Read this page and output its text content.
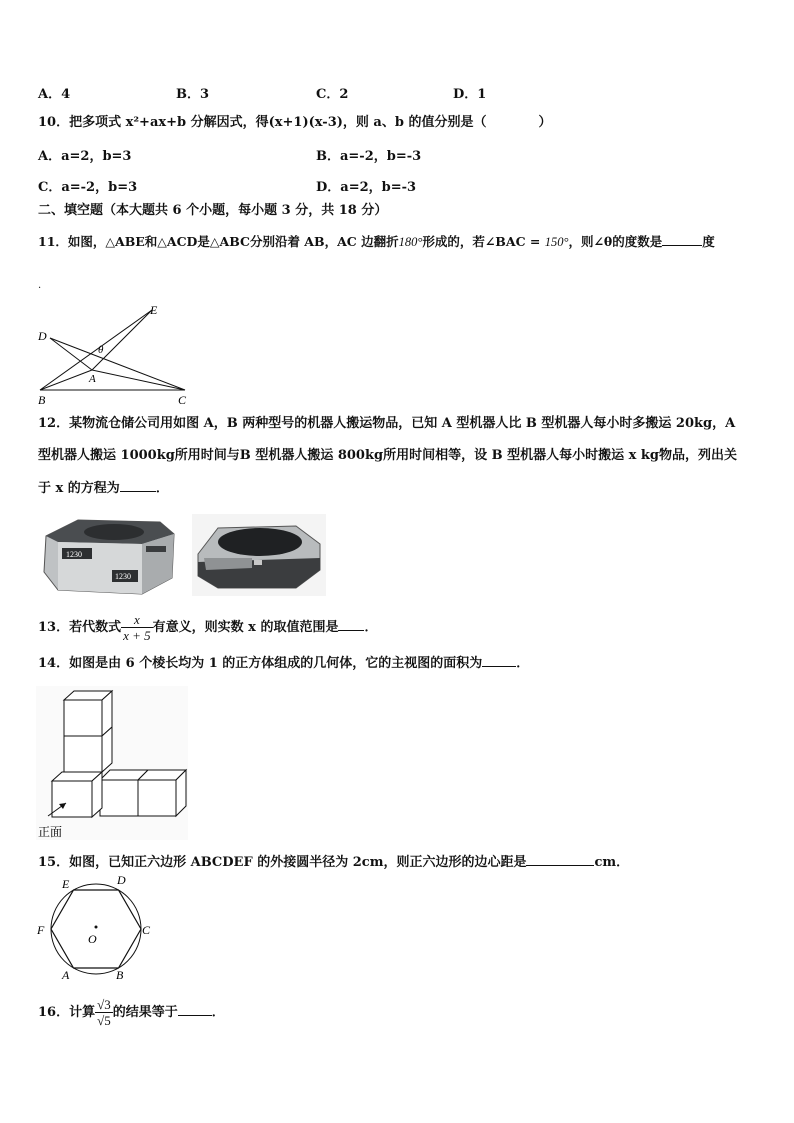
A．4	B．3	C．2	D．1
10．把多项式 x²+ax+b 分解因式，得(x+1)(x-3)，则 a、b 的值分别是（　　　　）
A．a=2，b=3	B．a=-2，b=-3
C．a=-2，b=3	D．a=2，b=-3
二、填空题（本大题共 6 个小题，每小题 3 分，共 18 分）
11．如图，△ABE和△ACD是△ABC分别沿着 AB，AC 边翻折180°形成的，若∠BAC = 150°，则∠θ的度数是	度
.
D
E
θ
A
B	C
12．某物流仓储公司用如图 A，B 两种型号的机器人搬运物品，已知 A 型机器人比 B 型机器人每小时多搬运 20kg，A
型机器人搬运 1000kg所用时间与B 型机器人搬运 800kg所用时间相等，设 B 型机器人每小时搬运 x kg物品，列出关
于 x 的方程为	．
1230
1230
13．若代数式 $\frac{x}{x + 5}$ 有意义，则实数 x 的取值范围是 ．
14．如图是由 6 个棱长均为 1 的正方体组成的几何体，它的主视图的面积为	．
正面
15．如图，已知正六边形 ABCDEF 的外接圆半径为 2cm，则正六边形的边心距是	cm．
E	D
F
O
C
A	B
16．计算 $\frac{√3}{√5}$ 的结果等于	．
